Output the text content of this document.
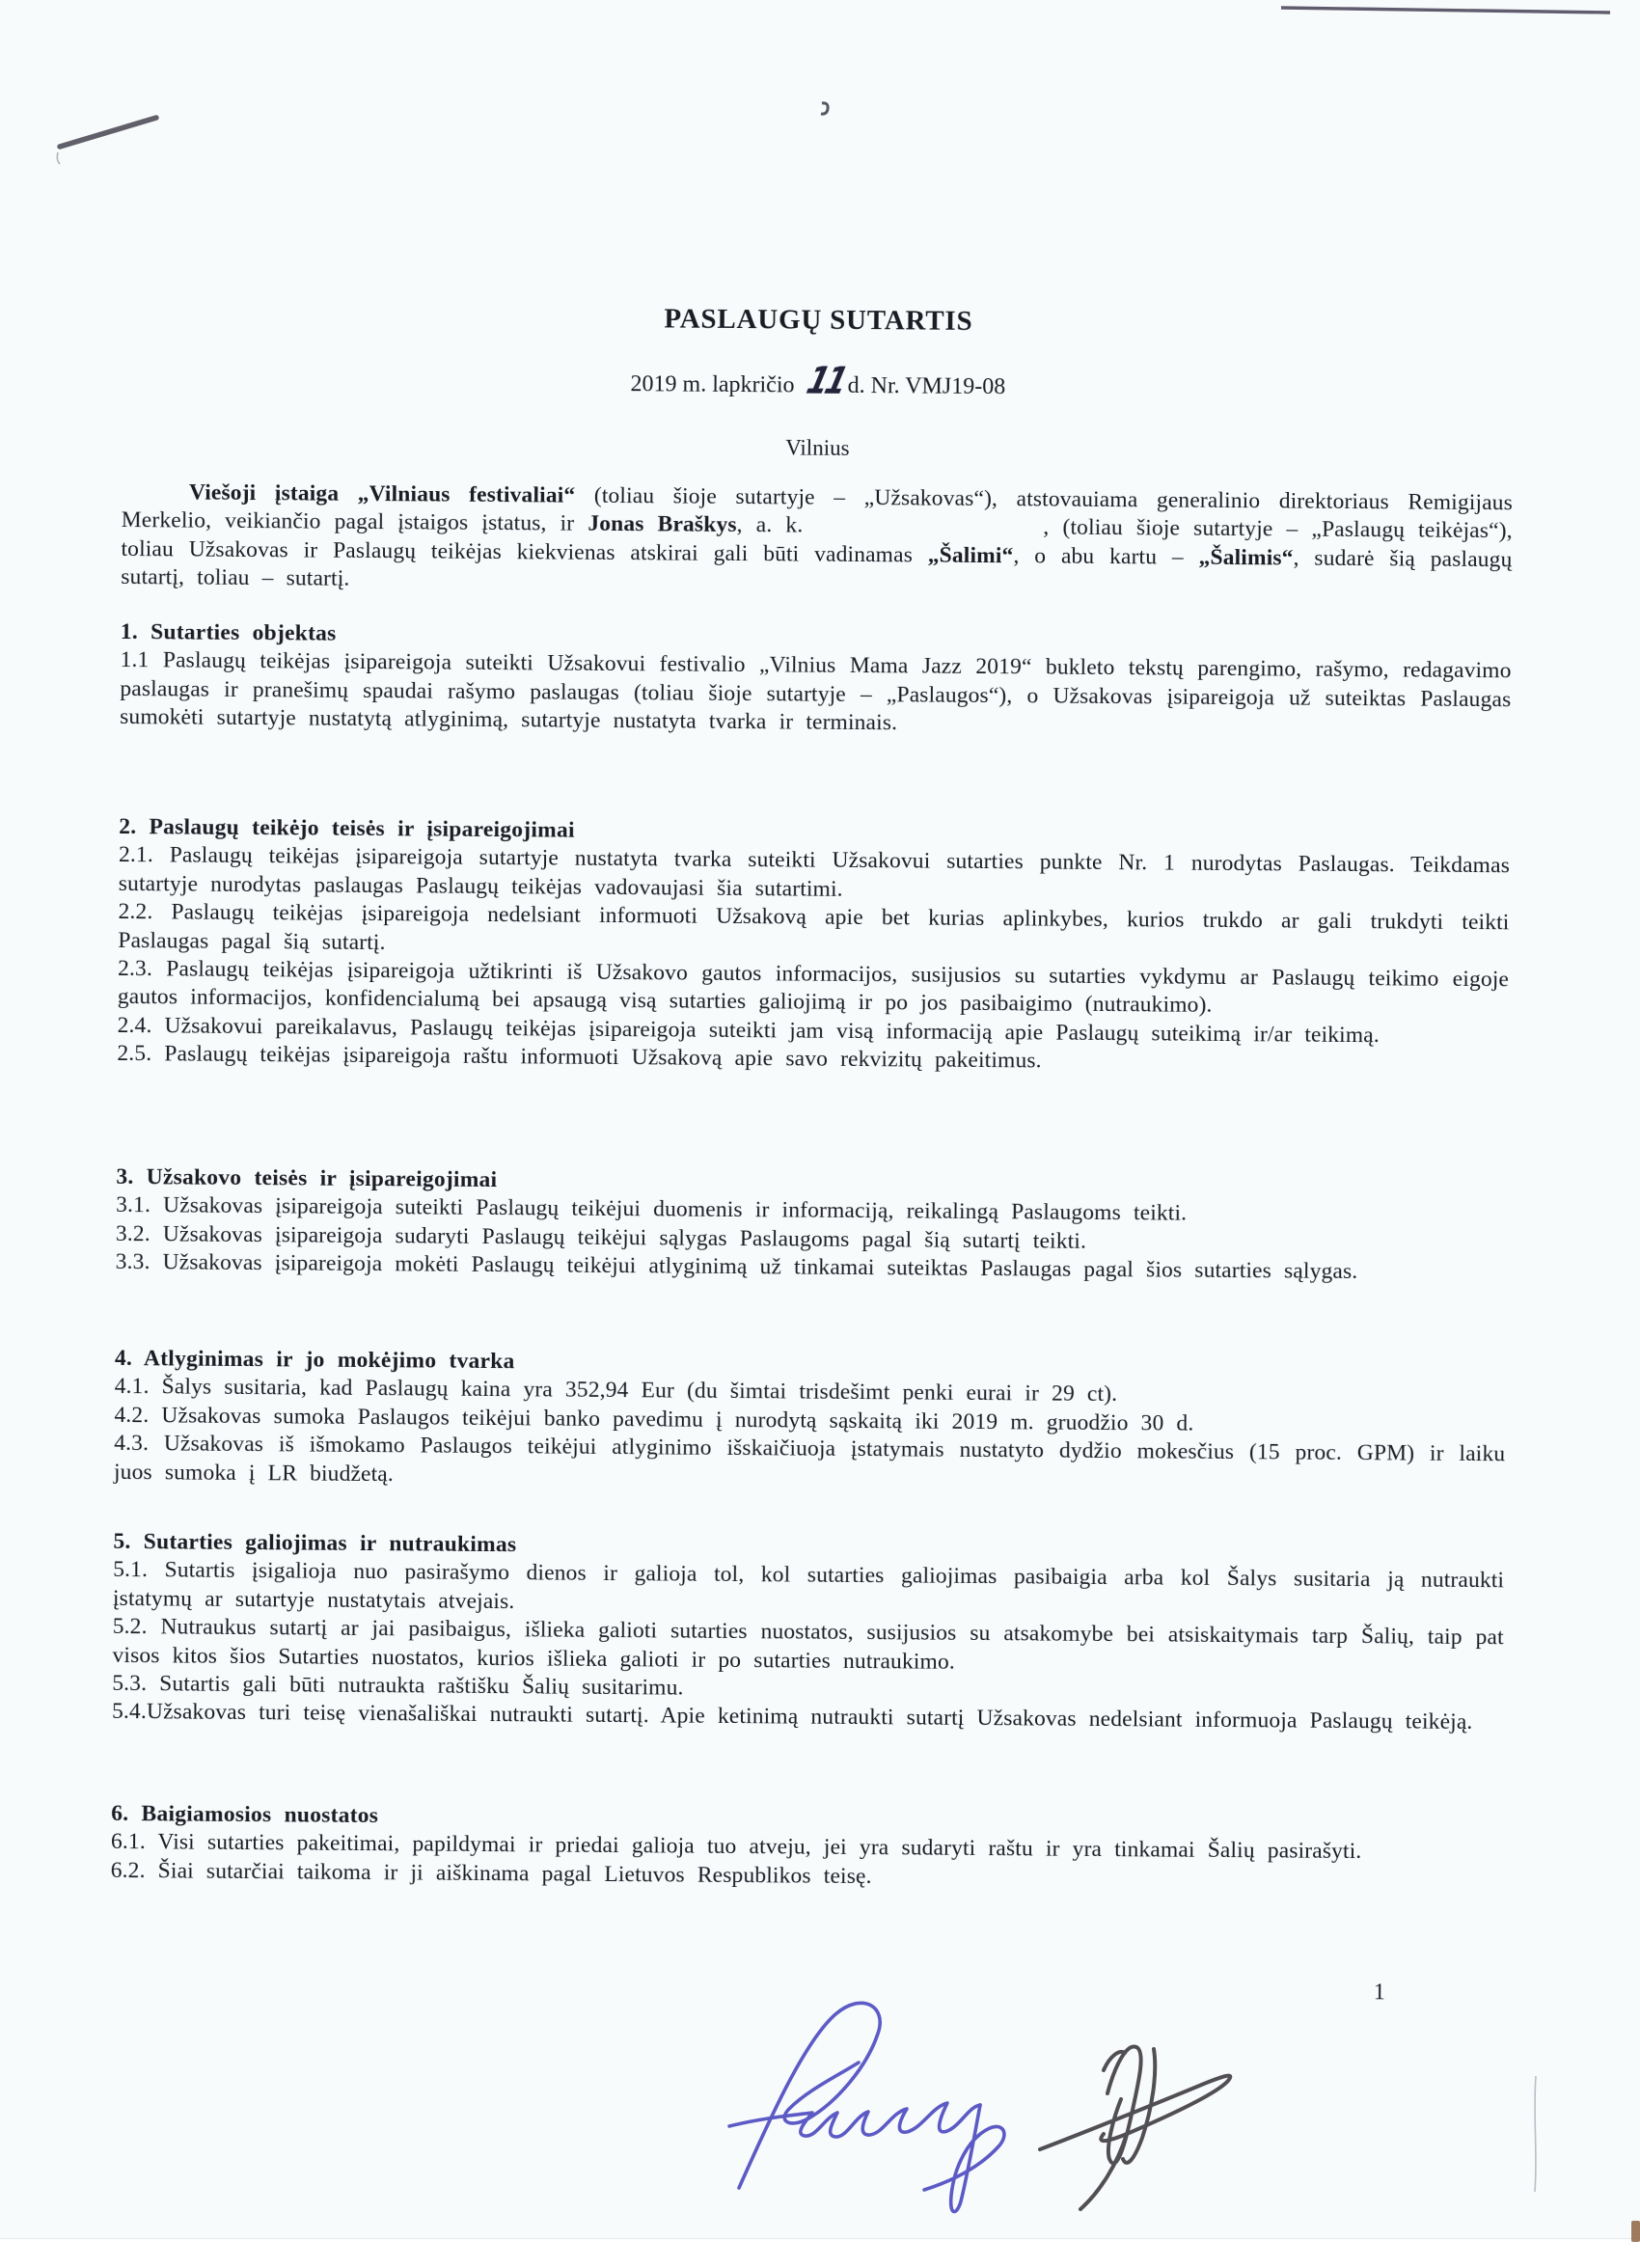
PASLAUGŲ SUTARTIS
2019 m. lapkričio 11d. Nr. VMJ19-08
Vilnius

Viešoji įstaiga „Vilniaus festivaliai“ (toliau šioje sutartyje – „Užsakovas“), atstovauiama generalinio direktoriaus Remigijaus Merkelio, veikiančio pagal įstaigos įstatus, ir Jonas Braškys, a. k.	, (toliau šioje sutartyje – „Paslaugų teikėjas“), toliau Užsakovas ir Paslaugų teikėjas kiekvienas atskirai gali būti vadinamas „Šalimi“, o abu kartu – „Šalimis“, sudarė šią paslaugų sutartį, toliau – sutartį.

1. Sutarties objektas

1.1 Paslaugų teikėjas įsipareigoja suteikti Užsakovui festivalio „Vilnius Mama Jazz 2019“ bukleto tekstų parengimo, rašymo, redagavimo paslaugas ir pranešimų spaudai rašymo paslaugas (toliau šioje sutartyje – „Paslaugos“), o Užsakovas įsipareigoja už suteiktas Paslaugas sumokėti sutartyje nustatytą atlyginimą, sutartyje nustatyta tvarka ir terminais.

2. Paslaugų teikėjo teisės ir įsipareigojimai

2.1. Paslaugų teikėjas įsipareigoja sutartyje nustatyta tvarka suteikti Užsakovui sutarties punkte Nr. 1 nurodytas Paslaugas. Teikdamas sutartyje nurodytas paslaugas Paslaugų teikėjas vadovaujasi šia sutartimi.

2.2. Paslaugų teikėjas įsipareigoja nedelsiant informuoti Užsakovą apie bet kurias aplinkybes, kurios trukdo ar gali trukdyti teikti Paslaugas pagal šią sutartį.

2.3. Paslaugų teikėjas įsipareigoja užtikrinti iš Užsakovo gautos informacijos, susijusios su sutarties vykdymu ar Paslaugų teikimo eigoje gautos informacijos, konfidencialumą bei apsaugą visą sutarties galiojimą ir po jos pasibaigimo (nutraukimo).

2.4. Užsakovui pareikalavus, Paslaugų teikėjas įsipareigoja suteikti jam visą informaciją apie Paslaugų suteikimą ir/ar teikimą.

2.5. Paslaugų teikėjas įsipareigoja raštu informuoti Užsakovą apie savo rekvizitų pakeitimus.

3. Užsakovo teisės ir įsipareigojimai

3.1. Užsakovas įsipareigoja suteikti Paslaugų teikėjui duomenis ir informaciją, reikalingą Paslaugoms teikti.

3.2. Užsakovas įsipareigoja sudaryti Paslaugų teikėjui sąlygas Paslaugoms pagal šią sutartį teikti.

3.3. Užsakovas įsipareigoja mokėti Paslaugų teikėjui atlyginimą už tinkamai suteiktas Paslaugas pagal šios sutarties sąlygas.

4. Atlyginimas ir jo mokėjimo tvarka

4.1. Šalys susitaria, kad Paslaugų kaina yra 352,94 Eur (du šimtai trisdešimt penki eurai ir 29 ct).

4.2. Užsakovas sumoka Paslaugos teikėjui banko pavedimu į nurodytą sąskaitą iki 2019 m. gruodžio 30 d.

4.3. Užsakovas iš išmokamo Paslaugos teikėjui atlyginimo išskaičiuoja įstatymais nustatyto dydžio mokesčius (15 proc. GPM) ir laiku juos sumoka į LR biudžetą.

5. Sutarties galiojimas ir nutraukimas

5.1. Sutartis įsigalioja nuo pasirašymo dienos ir galioja tol, kol sutarties galiojimas pasibaigia arba kol Šalys susitaria ją nutraukti įstatymų ar sutartyje nustatytais atvejais.

5.2. Nutraukus sutartį ar jai pasibaigus, išlieka galioti sutarties nuostatos, susijusios su atsakomybe bei atsiskaitymais tarp Šalių, taip pat visos kitos šios Sutarties nuostatos, kurios išlieka galioti ir po sutarties nutraukimo.

5.3. Sutartis gali būti nutraukta raštišku Šalių susitarimu.

5.4.Užsakovas turi teisę vienašališkai nutraukti sutartį. Apie ketinimą nutraukti sutartį Užsakovas nedelsiant informuoja Paslaugų teikėją.

6. Baigiamosios nuostatos

6.1. Visi sutarties pakeitimai, papildymai ir priedai galioja tuo atveju, jei yra sudaryti raštu ir yra tinkamai Šalių pasirašyti.

6.2. Šiai sutarčiai taikoma ir ji aiškinama pagal Lietuvos Respublikos teisę.

1
